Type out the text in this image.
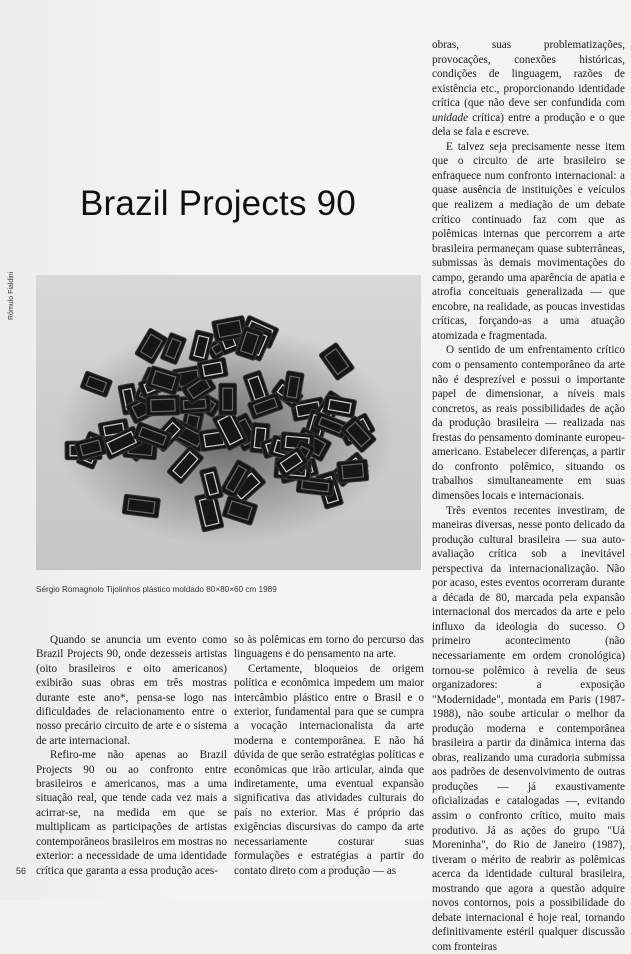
Brazil Projects 90
Rômulo Fialdini
Sérgio Romagnolo Tijolinhos plástico moldado 80×80×60 cm 1989

Quando se anuncia um evento como Brazil Projects 90, onde dezesseis artistas (oito brasileiros e oito americanos) exibirão suas obras em três mostras durante este ano*, pensa-se logo nas dificuldades de relacionamento entre o nosso precário circuito de arte e o sistema de arte internacional.

Refiro-me não apenas ao Brazil Projects 90 ou ao confronto entre brasileiros e americanos, mas a uma situação real, que tende cada vez mais a acirrar-se, na medida em que se multiplicam as participações de artistas contemporâneos brasileiros em mostras no exterior: a necessidade de uma identidade crítica que garanta a essa produção aces-

so às polêmicas em torno do percurso das linguagens e do pensamento na arte.

Certamente, bloqueios de origem política e econômica impedem um maior intercâmbio plástico entre o Brasil e o exterior, fundamental para que se cumpra a vocação internacionalista da arte moderna e contemporânea. E não há dúvida de que serão estratégias políticas e econômicas que irão articular, ainda que indiretamente, uma eventual expansão significativa das atividades culturais do país no exterior. Mas é próprio das exigências discursivas do campo da arte necessariamente costurar suas formulações e estratégias a partir do contato direto com a produção — as

obras, suas problematizações, provocações, conexões históricas, condições de linguagem, razões de existência etc., proporcionando identidade crítica (que não deve ser confundida com unidade crítica) entre a produção e o que dela se fala e escreve.

E talvez seja precisamente nesse item que o circuito de arte brasileiro se enfraquece num confronto internacional: a quase ausência de instituições e veículos que realizem a mediação de um debate crítico continuado faz com que as polêmicas internas que percorrem a arte brasileira permaneçam quase subterrâneas, submissas às demais movimentações do campo, gerando uma aparência de apatia e atrofia conceituais generalizada — que encobre, na realidade, as poucas investidas críticas, forçando-as a uma atuação atomizada e fragmentada.

O sentido de um enfrentamento crítico com o pensamento contemporâneo da arte não é desprezível e possui o importante papel de dimensionar, a níveis mais concretos, as reais possibilidades de ação da produção brasileira — realizada nas frestas do pensamento dominante europeu-americano. Estabelecer diferenças, a partir do confronto polêmico, situando os trabalhos simultaneamente em suas dimensões locais e internacionais.

Três eventos recentes investiram, de maneiras diversas, nesse ponto delicado da produção cultural brasileira — sua auto-avaliação crítica sob a inevitável perspectiva da internacionalização. Não por acaso, estes eventos ocorreram durante a década de 80, marcada pela expansão internacional dos mercados da arte e pelo influxo da ideologia do sucesso. O primeiro acontecimento (não necessariamente em ordem cronológica) tornou-se polêmico à revelia de seus organizadores: a exposição "Modernidade", montada em Paris (1987-1988), não soube articular o melhor da produção moderna e contemporânea brasileira a partir da dinâmica interna das obras, realizando uma curadoria submissa aos padrões de desenvolvimento de outras produções — já exaustivamente oficializadas e catalogadas —, evitando assim o confronto crítico, muito mais produtivo. Já as ações do grupo "Uá Moreninha", do Rio de Janeiro (1987), tiveram o mérito de reabrir as polêmicas acerca da identidade cultural brasileira, mostrando que agora a questão adquire novos contornos, pois a possibilidade do debate internacional é hoje real, tornando definitivamente estéril qualquer discussão com fronteiras

56
